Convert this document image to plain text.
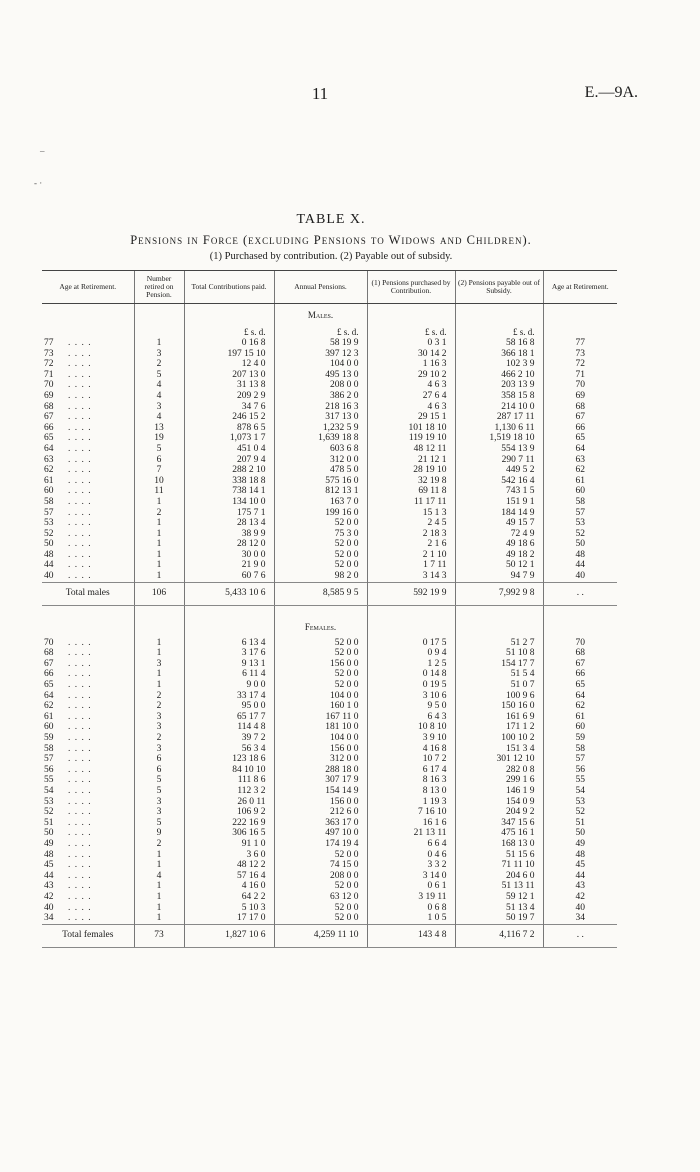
11	E.—9A.
‒
- ·
TABLE X.
Pensions in Force (excluding Pensions to Widows and Children).
(1) Purchased by contribution. (2) Payable out of subsidy.
Age at Retirement.	Number retired on Pension.	Total Contributions paid.	Annual Pensions.	(1) Pensions purchased by Contribution.	(2) Pensions payable out of Subsidy.	Age at Retirement.
			Males.			
		£ s. d.	£ s. d.	£ s. d.	£ s. d.	
77 . . . .	1	0 16 8	58 19 9	0 3 1	58 16 8	77
73 . . . .	3	197 15 10	397 12 3	30 14 2	366 18 1	73
72 . . . .	2	12 4 0	104 0 0	1 16 3	102 3 9	72
71 . . . .	5	207 13 0	495 13 0	29 10 2	466 2 10	71
70 . . . .	4	31 13 8	208 0 0	4 6 3	203 13 9	70
69 . . . .	4	209 2 9	386 2 0	27 6 4	358 15 8	69
68 . . . .	3	34 7 6	218 16 3	4 6 3	214 10 0	68
67 . . . .	4	246 15 2	317 13 0	29 15 1	287 17 11	67
66 . . . .	13	878 6 5	1,232 5 9	101 18 10	1,130 6 11	66
65 . . . .	19	1,073 1 7	1,639 18 8	119 19 10	1,519 18 10	65
64 . . . .	5	451 0 4	603 6 8	48 12 11	554 13 9	64
63 . . . .	6	207 9 4	312 0 0	21 12 1	290 7 11	63
62 . . . .	7	288 2 10	478 5 0	28 19 10	449 5 2	62
61 . . . .	10	338 18 8	575 16 0	32 19 8	542 16 4	61
60 . . . .	11	738 14 1	812 13 1	69 11 8	743 1 5	60
58 . . . .	1	134 10 0	163 7 0	11 17 11	151 9 1	58
57 . . . .	2	175 7 1	199 16 0	15 1 3	184 14 9	57
53 . . . .	1	28 13 4	52 0 0	2 4 5	49 15 7	53
52 . . . .	1	38 9 9	75 3 0	2 18 3	72 4 9	52
50 . . . .	1	28 12 0	52 0 0	2 1 6	49 18 6	50
48 . . . .	1	30 0 0	52 0 0	2 1 10	49 18 2	48
44 . . . .	1	21 9 0	52 0 0	1 7 11	50 12 1	44
40 . . . .	1	60 7 6	98 2 0	3 14 3	94 7 9	40
Total males	106	5,433 10 6	8,585 9 5	592 19 9	7,992 9 8	. .

			Females.			
70 . . . .	1	6 13 4	52 0 0	0 17 5	51 2 7	70
68 . . . .	1	3 17 6	52 0 0	0 9 4	51 10 8	68
67 . . . .	3	9 13 1	156 0 0	1 2 5	154 17 7	67
66 . . . .	1	6 11 4	52 0 0	0 14 8	51 5 4	66
65 . . . .	1	9 0 0	52 0 0	0 19 5	51 0 7	65
64 . . . .	2	33 17 4	104 0 0	3 10 6	100 9 6	64
62 . . . .	2	95 0 0	160 1 0	9 5 0	150 16 0	62
61 . . . .	3	65 17 7	167 11 0	6 4 3	161 6 9	61
60 . . . .	3	114 4 8	181 10 0	10 8 10	171 1 2	60
59 . . . .	2	39 7 2	104 0 0	3 9 10	100 10 2	59
58 . . . .	3	56 3 4	156 0 0	4 16 8	151 3 4	58
57 . . . .	6	123 18 6	312 0 0	10 7 2	301 12 10	57
56 . . . .	6	84 10 10	288 18 0	6 17 4	282 0 8	56
55 . . . .	5	111 8 6	307 17 9	8 16 3	299 1 6	55
54 . . . .	5	112 3 2	154 14 9	8 13 0	146 1 9	54
53 . . . .	3	26 0 11	156 0 0	1 19 3	154 0 9	53
52 . . . .	3	106 9 2	212 6 0	7 16 10	204 9 2	52
51 . . . .	5	222 16 9	363 17 0	16 1 6	347 15 6	51
50 . . . .	9	306 16 5	497 10 0	21 13 11	475 16 1	50
49 . . . .	2	91 1 0	174 19 4	6 6 4	168 13 0	49
48 . . . .	1	3 6 0	52 0 0	0 4 6	51 15 6	48
45 . . . .	1	48 12 2	74 15 0	3 3 2	71 11 10	45
44 . . . .	4	57 16 4	208 0 0	3 14 0	204 6 0	44
43 . . . .	1	4 16 0	52 0 0	0 6 1	51 13 11	43
42 . . . .	1	64 2 2	63 12 0	3 19 11	59 12 1	42
40 . . . .	1	5 10 3	52 0 0	0 6 8	51 13 4	40
34 . . . .	1	17 17 0	52 0 0	1 0 5	50 19 7	34
Total females	73	1,827 10 6	4,259 11 10	143 4 8	4,116 7 2	. .
